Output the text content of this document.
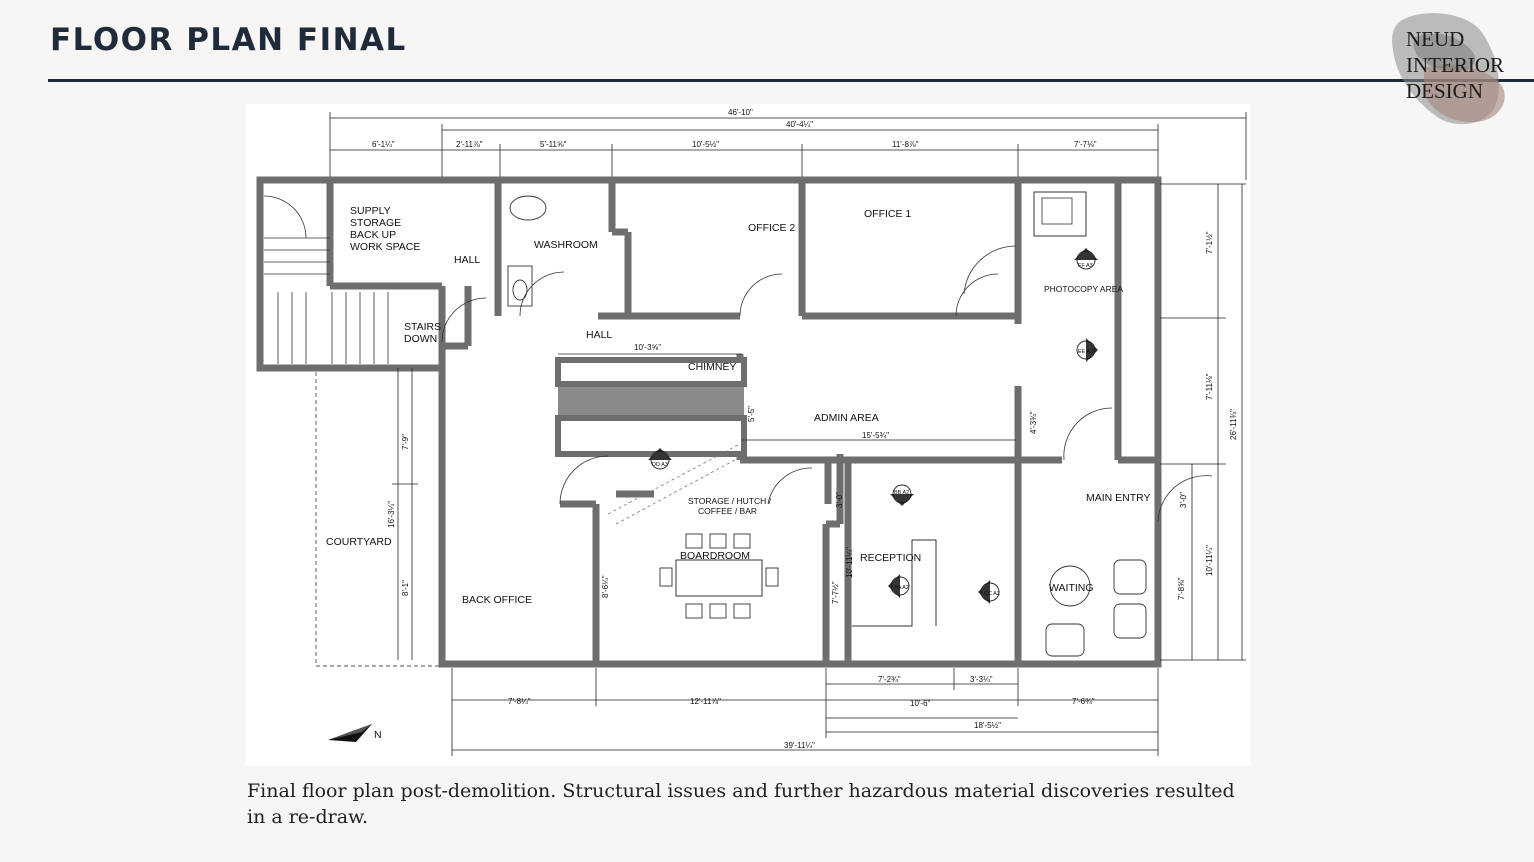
FLOOR PLAN FINAL	NEUD
INTERIOR
DESIGN
46'-10"
40'-4¼"
6'-1¼"	2'-11⅞"	5'-11⅝"	10'-5½"	11'-8⅞"	7'-7⅛"
7'-1½"
7'-11⅛"
10'-11¼"
26'-11¾"
3'-0"
7'-8⅝"
10'-3⅝"
15'-5¾"
5'-5"	4'-3¾"
3'-0"
10'-11¼"
7'-7½"
8'-6¼"
7'-9"
16'-3¼"
8'-1"
7'-8¼"	12'-11⅞"
7'-2¾"	3'-3¼"
7'-6¾"
10'-6"
18'-5½"
39'-11¼"
SUPPLY
STORAGE
BACK UP
WORK SPACE
HALL
WASHROOM
OFFICE 2
OFFICE 1
PHOTOCOPY AREA
HALL
STAIRS
DOWN
CHIMNEY
ADMIN AREA
STORAGE / HUTCH /
COFFEE / BAR
BOARDROOM	RECEPTION
MAIN ENTRY
WAITING
COURTYARD
BACK OFFICE
FF A3
EE A3
DD A3
BB A2
AA A2
CC A2
N
Final floor plan post-demolition. Structural issues and further hazardous material discoveries resulted in a re-draw.
